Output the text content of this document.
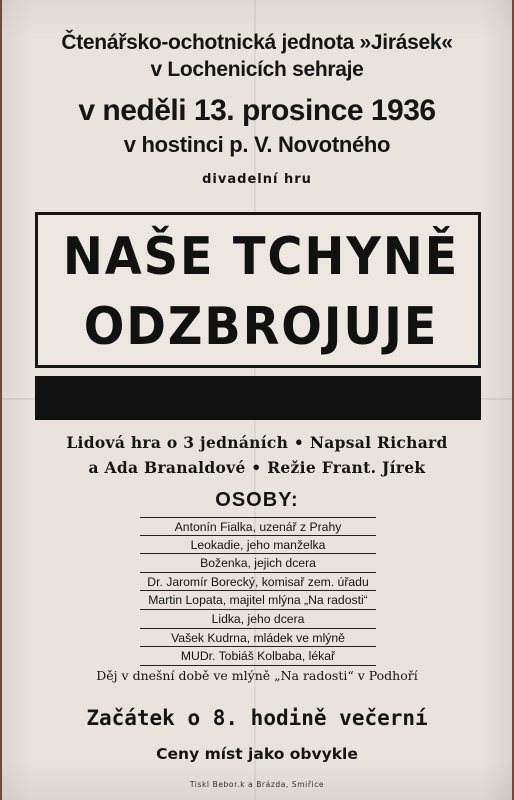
Čtenářsko-ochotnická jednota »Jirásek«
v Lochenicích sehraje
v neděli 13. prosince 1936
v hostinci p. V. Novotného
divadelní hru
NAŠE TCHYNĚ
ODZBROJUJE
Lidová hra o 3 jednáních • Napsal Richard
a Ada Branaldové • Režie Frant. Jírek
OSOBY:
Antonín Fialka, uzenář z Prahy
Leokadie, jeho manželka
Boženka, jejich dcera
Dr. Jaromír Borecký, komisař zem. úřadu
Martin Lopata, majitel mlýna „Na radosti“
Lidka, jeho dcera
Vašek Kudrna, mládek ve mlýně
MUDr. Tobiáš Kolbaba, lékař
Děj v dnešní době ve mlýně „Na radosti“ v Podhoří
Začátek o 8. hodině večerní
Ceny míst jako obvykle
Tiskl Bebor.k a Brázda, Smiřice
